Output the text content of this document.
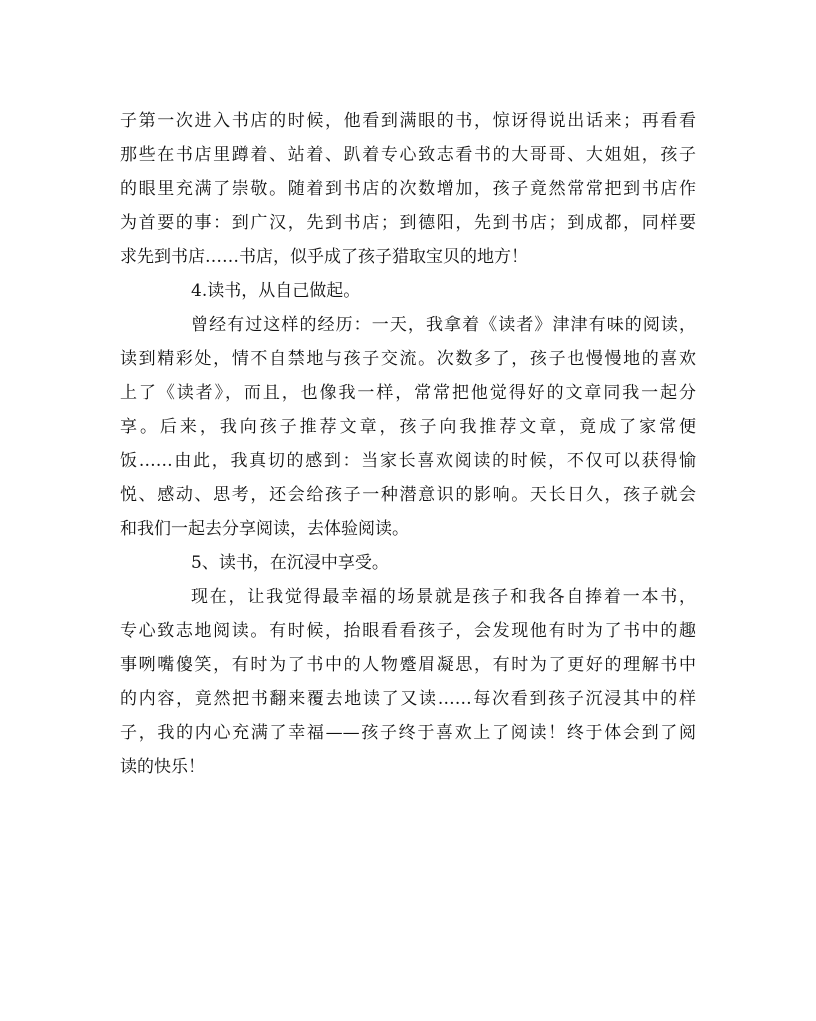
子第一次进入书店的时候，他看到满眼的书，惊讶得说出话来；再看看
那些在书店里蹲着、站着、趴着专心致志看书的大哥哥、大姐姐，孩子
的眼里充满了崇敬。随着到书店的次数增加，孩子竟然常常把到书店作
为首要的事：到广汉，先到书店；到德阳，先到书店；到成都，同样要
求先到书店……书店，似乎成了孩子猎取宝贝的地方！
4.读书，从自己做起。
曾经有过这样的经历：一天，我拿着《读者》津津有味的阅读，
读到精彩处，情不自禁地与孩子交流。次数多了，孩子也慢慢地的喜欢
上了《读者》，而且，也像我一样，常常把他觉得好的文章同我一起分
享。后来，我向孩子推荐文章，孩子向我推荐文章，竟成了家常便
饭……由此，我真切的感到：当家长喜欢阅读的时候，不仅可以获得愉
悦、感动、思考，还会给孩子一种潜意识的影响。天长日久，孩子就会
和我们一起去分享阅读，去体验阅读。
5、读书，在沉浸中享受。
现在，让我觉得最幸福的场景就是孩子和我各自捧着一本书，
专心致志地阅读。有时候，抬眼看看孩子，会发现他有时为了书中的趣
事咧嘴傻笑，有时为了书中的人物蹙眉凝思，有时为了更好的理解书中
的内容，竟然把书翻来覆去地读了又读……每次看到孩子沉浸其中的样
子，我的内心充满了幸福——孩子终于喜欢上了阅读！终于体会到了阅
读的快乐！
